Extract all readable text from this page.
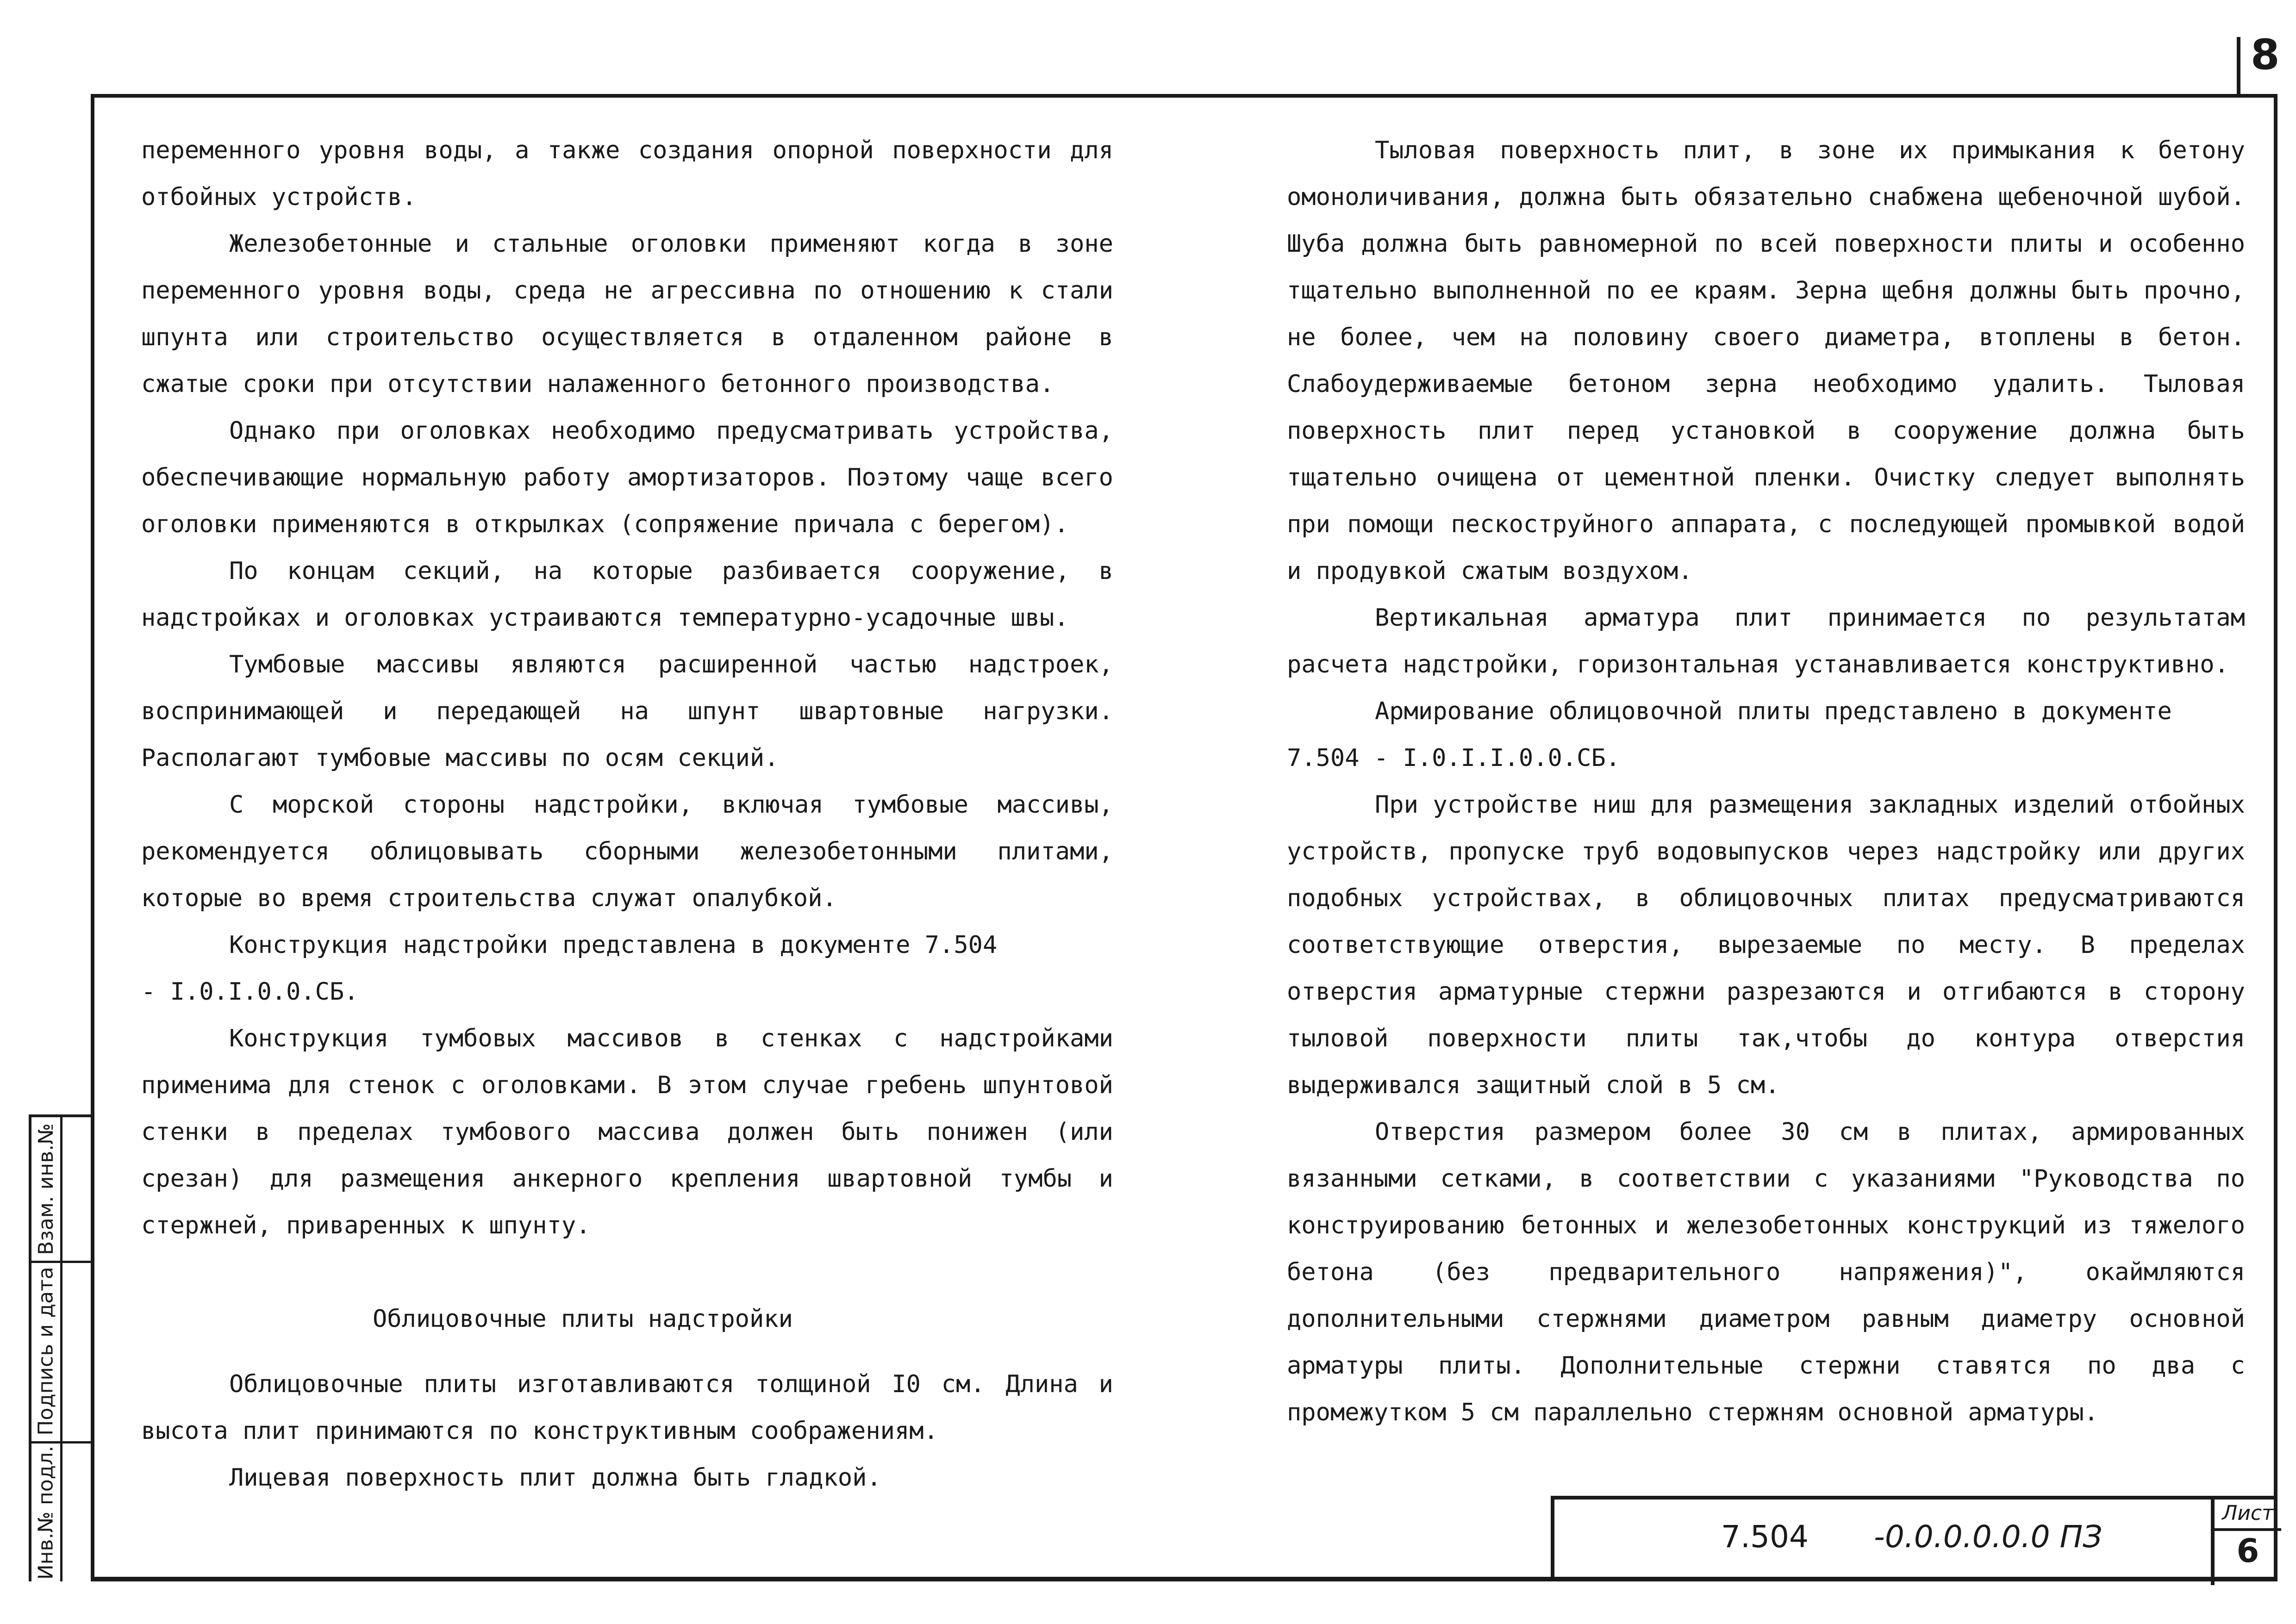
8

переменного уровня воды, а также создания опорной поверхности для отбойных устройств.

Железобетонные и стальные оголовки применяют когда в зоне переменного уровня воды, среда не агрессивна по отношению к стали шпунта или строительство осуществляется в отдаленном районе в сжатые сроки при отсутствии налаженного бетонного производства.

Однако при оголовках необходимо предусматривать устройства, обеспечивающие нормальную работу амортизаторов. Поэтому чаще всего оголовки применяются в открылках (сопряжение причала с берегом).

По концам секций, на которые разбивается сооружение, в надстройках и оголовках устраиваются температурно-усадочные швы.

Тумбовые массивы являются расширенной частью надстроек, воспринимающей и передающей на шпунт швартовные нагрузки. Располагают тумбовые массивы по осям секций.

С морской стороны надстройки, включая тумбовые массивы, рекомендуется облицовывать сборными железобетонными плитами, которые во время строительства служат опалубкой.

Конструкция надстройки представлена в документе 7.504

- I.0.I.0.0.СБ.

Конструкция тумбовых массивов в стенках с надстройками применима для стенок с оголовками. В этом случае гребень шпунтовой стенки в пределах тумбового массива должен быть понижен (или срезан) для размещения анкерного крепления швартовной тумбы и стержней, приваренных к шпунту.

Облицовочные плиты надстройки

Облицовочные плиты изготавливаются толщиной I0 см. Длина и высота плит принимаются по конструктивным соображениям.

Лицевая поверхность плит должна быть гладкой.

Тыловая поверхность плит, в зоне их примыкания к бетону омоноличивания, должна быть обязательно снабжена щебеночной шубой. Шуба должна быть равномерной по всей поверхности плиты и особенно тщательно выполненной по ее краям. Зерна щебня должны быть прочно, не более, чем на половину своего диаметра, втоплены в бетон. Слабоудерживаемые бетоном зерна необходимо удалить. Тыловая поверхность плит перед установкой в сооружение должна быть тщательно очищена от цементной пленки. Очистку следует выполнять при помощи пескоструйного аппарата, с последующей промывкой водой и продувкой сжатым воздухом.

Вертикальная арматура плит принимается по результатам расчета надстройки, горизонтальная устанавливается конструктивно.

Армирование облицовочной плиты представлено в документе

7.504 - I.0.I.I.0.0.СБ.

При устройстве ниш для размещения закладных изделий отбойных устройств, пропуске труб водовыпусков через надстройку или других подобных устройствах, в облицовочных плитах предусматриваются соответствующие отверстия, вырезаемые по месту. В пределах отверстия арматурные стержни разрезаются и отгибаются в сторону тыловой поверхности плиты так,чтобы до контура отверстия выдерживался защитный слой в 5 см.

Отверстия размером более 30 см в плитах, армированных вязанными сетками, в соответствии с указаниями "Руководства по конструированию бетонных и железобетонных конструкций из тяжелого бетона (без предварительного напряжения)", окаймляются дополнительными стержнями диаметром равным диаметру основной арматуры плиты. Дополнительные стержни ставятся по два с промежутком 5 см параллельно стержням основной арматуры.

Инв.№ подл.
Подпись и дата
Взам. инв.№
7.504 -0.0.0.0.0.0 ПЗ
Лист
6
